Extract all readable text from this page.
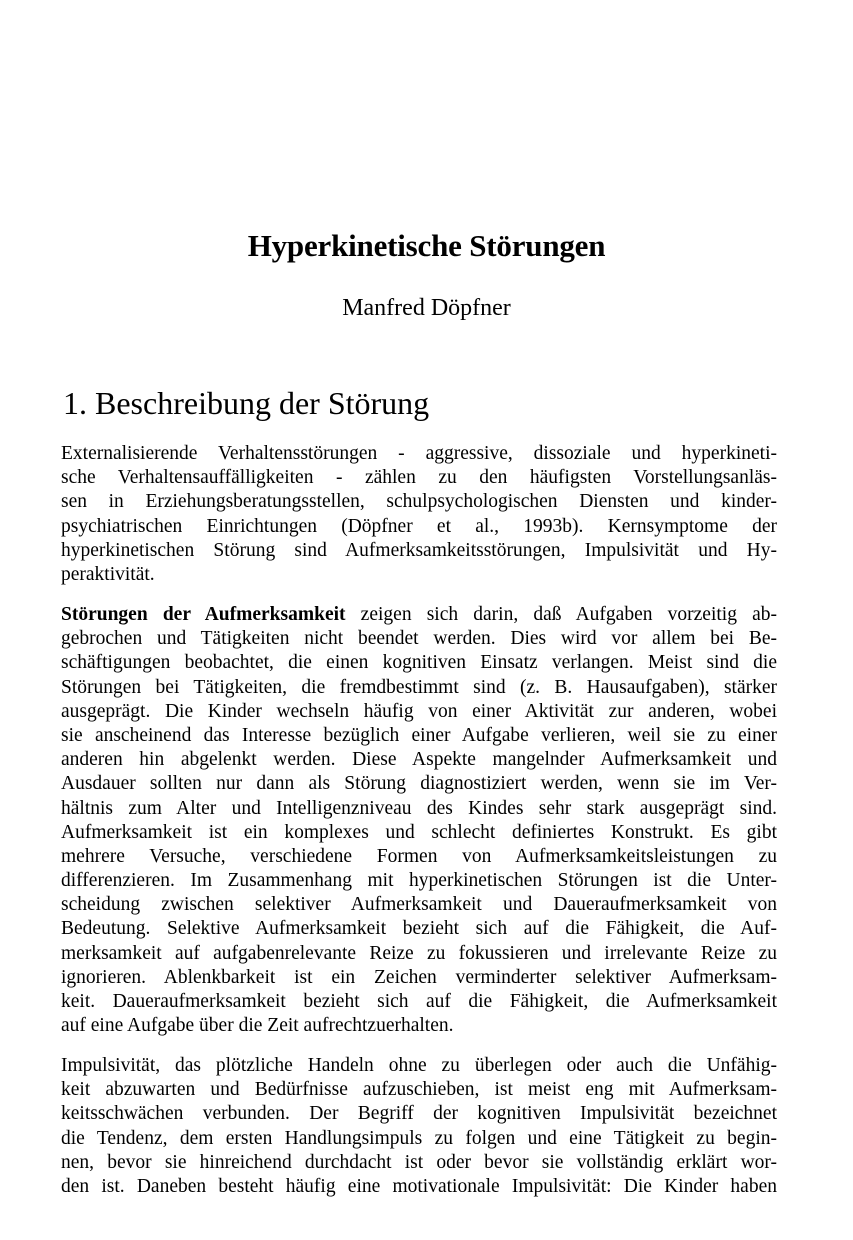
Hyperkinetische Störungen
Manfred Döpfner
1. Beschreibung der Störung
Externalisierende Verhaltensstörungen - aggressive, dissoziale und hyperkineti-
sche Verhaltensauffälligkeiten - zählen zu den häufigsten Vorstellungsanläs-
sen in Erziehungsberatungsstellen, schulpsychologischen Diensten und kinder-
psychiatrischen Einrichtungen (Döpfner et al., 1993b). Kernsymptome der
hyperkinetischen Störung sind Aufmerksamkeitsstörungen, Impulsivität und Hy-
peraktivität.
Störungen der Aufmerksamkeit zeigen sich darin, daß Aufgaben vorzeitig ab-
gebrochen und Tätigkeiten nicht beendet werden. Dies wird vor allem bei Be-
schäftigungen beobachtet, die einen kognitiven Einsatz verlangen. Meist sind die
Störungen bei Tätigkeiten, die fremdbestimmt sind (z. B. Hausaufgaben), stärker
ausgeprägt. Die Kinder wechseln häufig von einer Aktivität zur anderen, wobei
sie anscheinend das Interesse bezüglich einer Aufgabe verlieren, weil sie zu einer
anderen hin abgelenkt werden. Diese Aspekte mangelnder Aufmerksamkeit und
Ausdauer sollten nur dann als Störung diagnostiziert werden, wenn sie im Ver-
hältnis zum Alter und Intelligenzniveau des Kindes sehr stark ausgeprägt sind.
Aufmerksamkeit ist ein komplexes und schlecht definiertes Konstrukt. Es gibt
mehrere Versuche, verschiedene Formen von Aufmerksamkeitsleistungen zu
differenzieren. Im Zusammenhang mit hyperkinetischen Störungen ist die Unter-
scheidung zwischen selektiver Aufmerksamkeit und Daueraufmerksamkeit von
Bedeutung. Selektive Aufmerksamkeit bezieht sich auf die Fähigkeit, die Auf-
merksamkeit auf aufgabenrelevante Reize zu fokussieren und irrelevante Reize zu
ignorieren. Ablenkbarkeit ist ein Zeichen verminderter selektiver Aufmerksam-
keit. Daueraufmerksamkeit bezieht sich auf die Fähigkeit, die Aufmerksamkeit
auf eine Aufgabe über die Zeit aufrechtzuerhalten.
Impulsivität, das plötzliche Handeln ohne zu überlegen oder auch die Unfähig-
keit abzuwarten und Bedürfnisse aufzuschieben, ist meist eng mit Aufmerksam-
keitsschwächen verbunden. Der Begriff der kognitiven Impulsivität bezeichnet
die Tendenz, dem ersten Handlungsimpuls zu folgen und eine Tätigkeit zu begin-
nen, bevor sie hinreichend durchdacht ist oder bevor sie vollständig erklärt wor-
den ist. Daneben besteht häufig eine motivationale Impulsivität: Die Kinder haben
